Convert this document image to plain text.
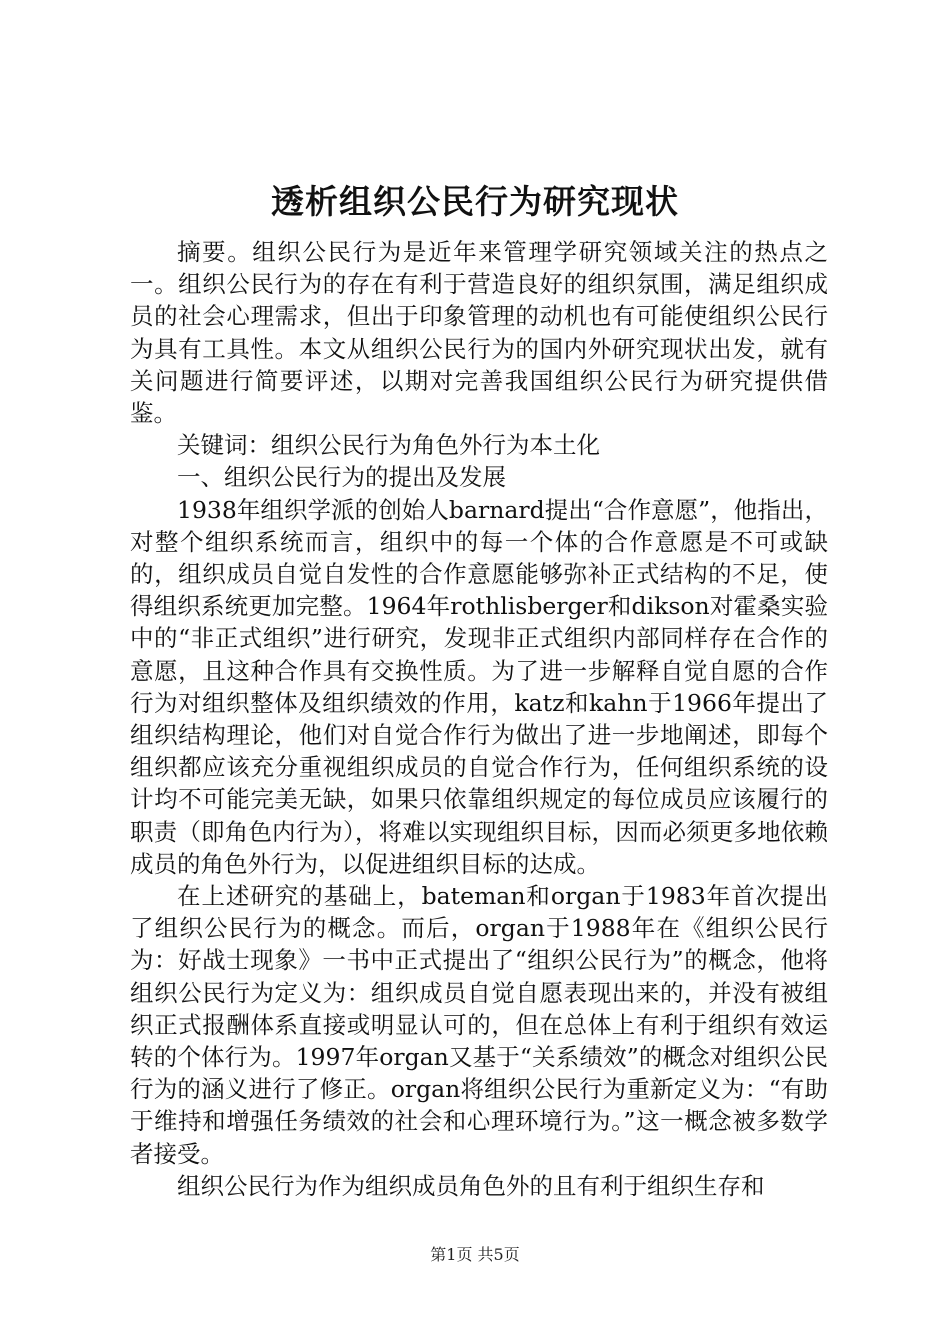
透析组织公民行为研究现状

摘要。组织公民行为是近年来管理学研究领域关注的热点之一。组织公民行为的存在有利于营造良好的组织氛围，满足组织成员的社会心理需求，但出于印象管理的动机也有可能使组织公民行为具有工具性。本文从组织公民行为的国内外研究现状出发，就有关问题进行简要评述，以期对完善我国组织公民行为研究提供借鉴。

关键词：组织公民行为角色外行为本土化

一、组织公民行为的提出及发展

1938年组织学派的创始人barnard提出“合作意愿”，他指出，对整个组织系统而言，组织中的每一个体的合作意愿是不可或缺的，组织成员自觉自发性的合作意愿能够弥补正式结构的不足，使得组织系统更加完整。1964年rothlisberger和dikson对霍桑实验中的“非正式组织”进行研究，发现非正式组织内部同样存在合作的意愿，且这种合作具有交换性质。为了进一步解释自觉自愿的合作行为对组织整体及组织绩效的作用，katz和kahn于1966年提出了组织结构理论，他们对自觉合作行为做出了进一步地阐述，即每个组织都应该充分重视组织成员的自觉合作行为，任何组织系统的设计均不可能完美无缺，如果只依靠组织规定的每位成员应该履行的职责（即角色内行为），将难以实现组织目标，因而必须更多地依赖成员的角色外行为，以促进组织目标的达成。

在上述研究的基础上，bateman和organ于1983年首次提出了组织公民行为的概念。而后，organ于1988年在《组织公民行为：好战士现象》一书中正式提出了“组织公民行为”的概念，他将组织公民行为定义为：组织成员自觉自愿表现出来的，并没有被组织正式报酬体系直接或明显认可的，但在总体上有利于组织有效运转的个体行为。1997年organ又基于“关系绩效”的概念对组织公民行为的涵义进行了修正。organ将组织公民行为重新定义为：“有助于维持和增强任务绩效的社会和心理环境行为。”这一概念被多数学者接受。

组织公民行为作为组织成员角色外的且有利于组织生存和

第1页 共5页
